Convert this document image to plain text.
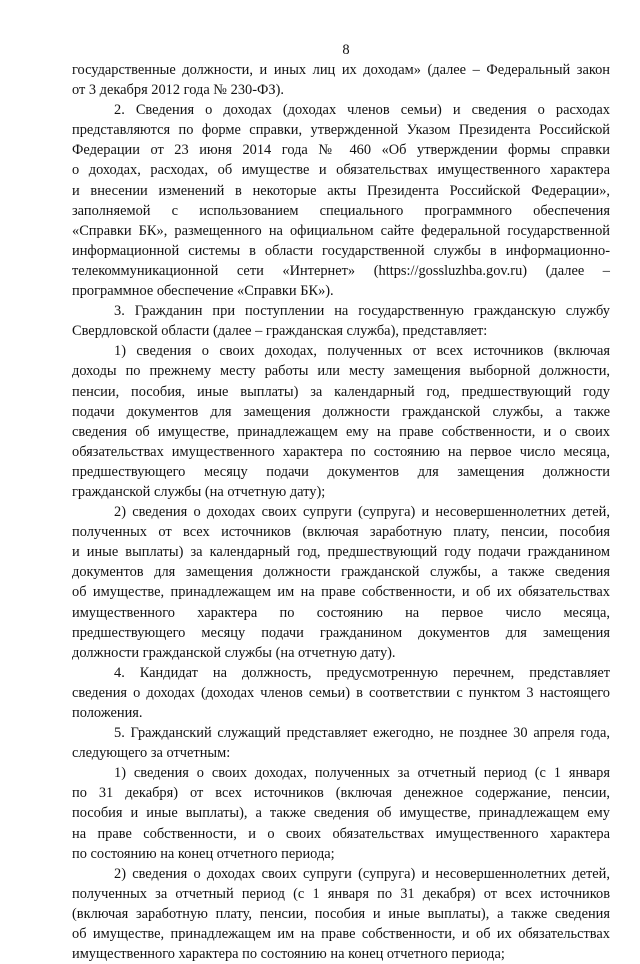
8

государственные должности, и иных лиц их доходам» (далее – Федеральный закон
от 3 декабря 2012 года № 230-ФЗ).

2. Сведения о доходах (доходах членов семьи) и сведения о расходах
представляются по форме справки, утвержденной Указом Президента Российской
Федерации от 23 июня 2014 года № 460 «Об утверждении формы справки
о доходах, расходах, об имуществе и обязательствах имущественного характера
и внесении изменений в некоторые акты Президента Российской Федерации»,
заполняемой с использованием специального программного обеспечения
«Справки БК», размещенного на официальном сайте федеральной государственной
информационной системы в области государственной службы в информационно-
телекоммуникационной сети «Интернет» (https://gossluzhba.gov.ru) (далее –
программное обеспечение «Справки БК»).

3. Гражданин при поступлении на государственную гражданскую службу
Свердловской области (далее – гражданская служба), представляет:

1) сведения о своих доходах, полученных от всех источников (включая
доходы по прежнему месту работы или месту замещения выборной должности,
пенсии, пособия, иные выплаты) за календарный год, предшествующий году
подачи документов для замещения должности гражданской службы, а также
сведения об имуществе, принадлежащем ему на праве собственности, и о своих
обязательствах имущественного характера по состоянию на первое число месяца,
предшествующего месяцу подачи документов для замещения должности
гражданской службы (на отчетную дату);

2) сведения о доходах своих супруги (супруга) и несовершеннолетних детей,
полученных от всех источников (включая заработную плату, пенсии, пособия
и иные выплаты) за календарный год, предшествующий году подачи гражданином
документов для замещения должности гражданской службы, а также сведения
об имуществе, принадлежащем им на праве собственности, и об их обязательствах
имущественного характера по состоянию на первое число месяца,
предшествующего месяцу подачи гражданином документов для замещения
должности гражданской службы (на отчетную дату).

4. Кандидат на должность, предусмотренную перечнем, представляет
сведения о доходах (доходах членов семьи) в соответствии с пунктом 3 настоящего
положения.

5. Гражданский служащий представляет ежегодно, не позднее 30 апреля года,
следующего за отчетным:

1) сведения о своих доходах, полученных за отчетный период (с 1 января
по 31 декабря) от всех источников (включая денежное содержание, пенсии,
пособия и иные выплаты), а также сведения об имуществе, принадлежащем ему
на праве собственности, и о своих обязательствах имущественного характера
по состоянию на конец отчетного периода;

2) сведения о доходах своих супруги (супруга) и несовершеннолетних детей,
полученных за отчетный период (с 1 января по 31 декабря) от всех источников
(включая заработную плату, пенсии, пособия и иные выплаты), а также сведения
об имуществе, принадлежащем им на праве собственности, и об их обязательствах
имущественного характера по состоянию на конец отчетного периода;
